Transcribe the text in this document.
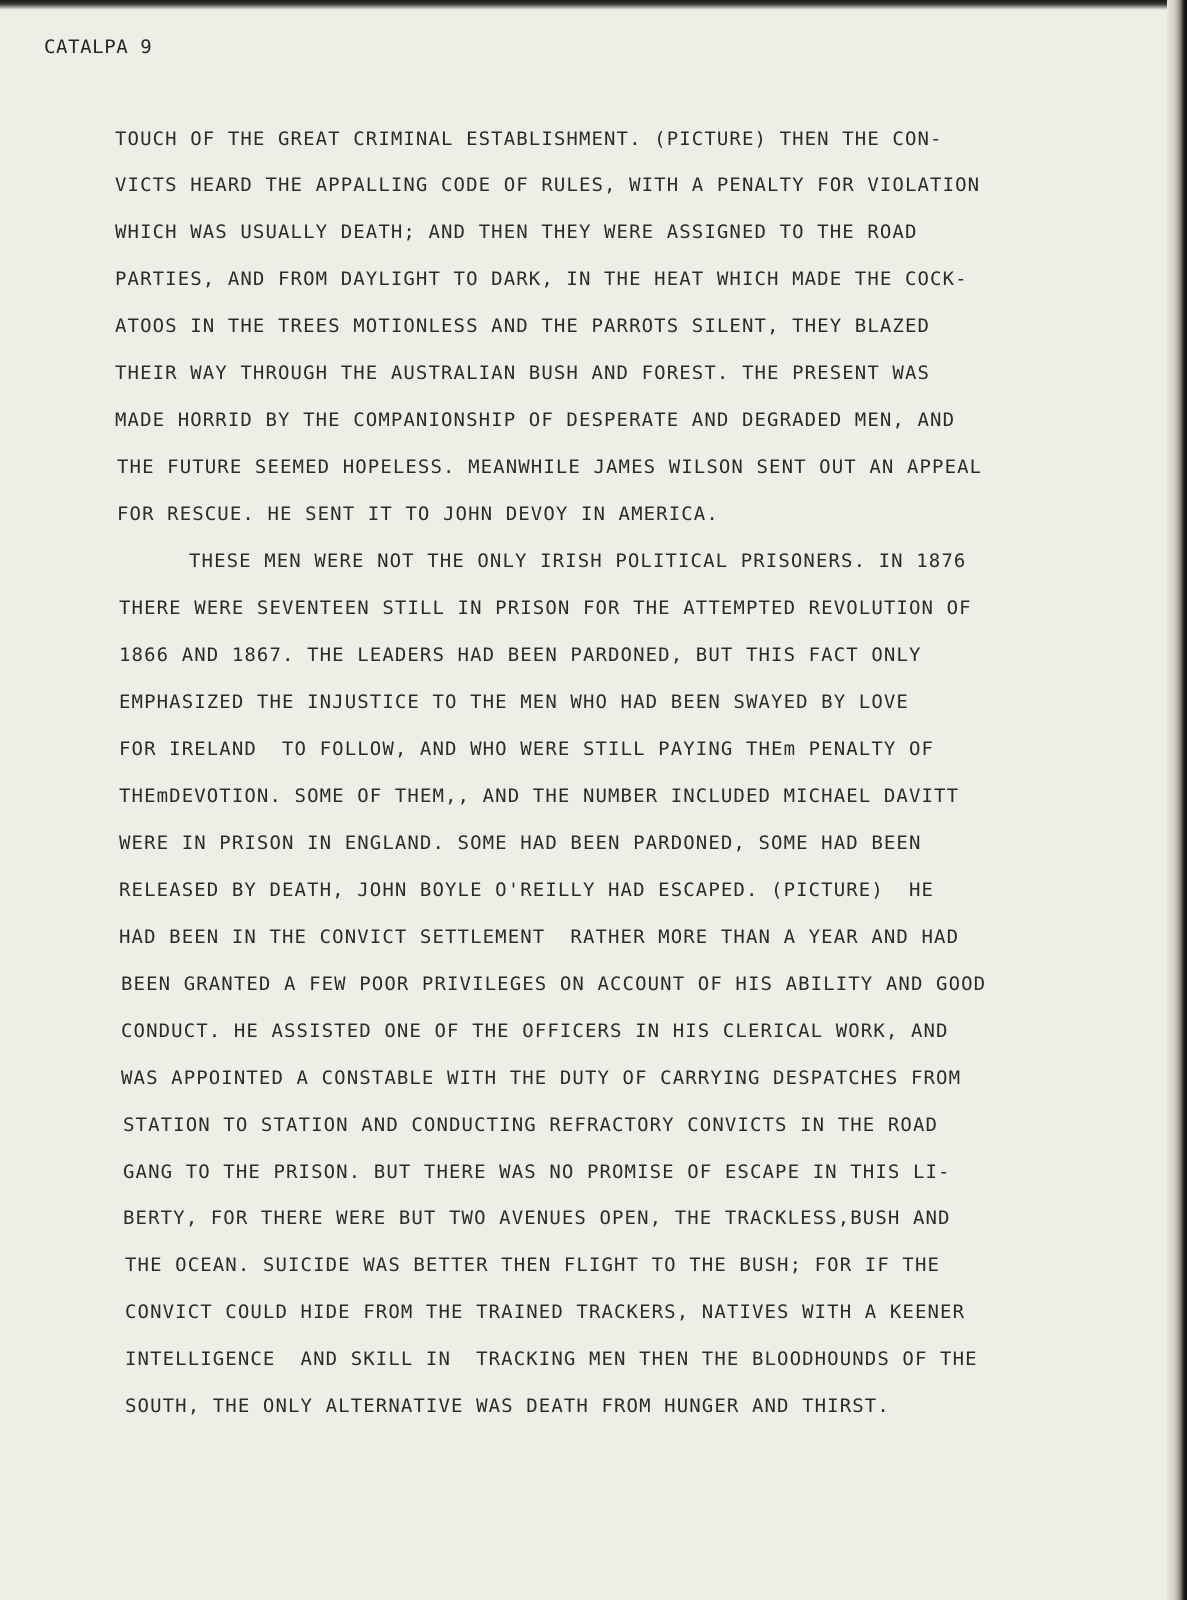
CATALPA 9

TOUCH OF THE GREAT CRIMINAL ESTABLISHMENT. (PICTURE) THEN THE CON-

VICTS HEARD THE APPALLING CODE OF RULES, WITH A PENALTY FOR VIOLATION

WHICH WAS USUALLY DEATH; AND THEN THEY WERE ASSIGNED TO THE ROAD

PARTIES, AND FROM DAYLIGHT TO DARK, IN THE HEAT WHICH MADE THE COCK-

ATOOS IN THE TREES MOTIONLESS AND THE PARROTS SILENT, THEY BLAZED

THEIR WAY THROUGH THE AUSTRALIAN BUSH AND FOREST. THE PRESENT WAS

MADE HORRID BY THE COMPANIONSHIP OF DESPERATE AND DEGRADED MEN, AND

THE FUTURE SEEMED HOPELESS. MEANWHILE JAMES WILSON SENT OUT AN APPEAL

FOR RESCUE. HE SENT IT TO JOHN DEVOY IN AMERICA.

THESE MEN WERE NOT THE ONLY IRISH POLITICAL PRISONERS. IN 1876

THERE WERE SEVENTEEN STILL IN PRISON FOR THE ATTEMPTED REVOLUTION OF

1866 AND 1867. THE LEADERS HAD BEEN PARDONED, BUT THIS FACT ONLY

EMPHASIZED THE INJUSTICE TO THE MEN WHO HAD BEEN SWAYED BY LOVE

FOR IRELAND  TO FOLLOW, AND WHO WERE STILL PAYING THEm PENALTY OF

THEmDEVOTION. SOME OF THEM,, AND THE NUMBER INCLUDED MICHAEL DAVITT

WERE IN PRISON IN ENGLAND. SOME HAD BEEN PARDONED, SOME HAD BEEN

RELEASED BY DEATH, JOHN BOYLE O'REILLY HAD ESCAPED. (PICTURE)  HE

HAD BEEN IN THE CONVICT SETTLEMENT  RATHER MORE THAN A YEAR AND HAD

BEEN GRANTED A FEW POOR PRIVILEGES ON ACCOUNT OF HIS ABILITY AND GOOD

CONDUCT. HE ASSISTED ONE OF THE OFFICERS IN HIS CLERICAL WORK, AND

WAS APPOINTED A CONSTABLE WITH THE DUTY OF CARRYING DESPATCHES FROM

STATION TO STATION AND CONDUCTING REFRACTORY CONVICTS IN THE ROAD

GANG TO THE PRISON. BUT THERE WAS NO PROMISE OF ESCAPE IN THIS LI-

BERTY, FOR THERE WERE BUT TWO AVENUES OPEN, THE TRACKLESS,BUSH AND

THE OCEAN. SUICIDE WAS BETTER THEN FLIGHT TO THE BUSH; FOR IF THE

CONVICT COULD HIDE FROM THE TRAINED TRACKERS, NATIVES WITH A KEENER

INTELLIGENCE  AND SKILL IN  TRACKING MEN THEN THE BLOODHOUNDS OF THE

SOUTH, THE ONLY ALTERNATIVE WAS DEATH FROM HUNGER AND THIRST.
